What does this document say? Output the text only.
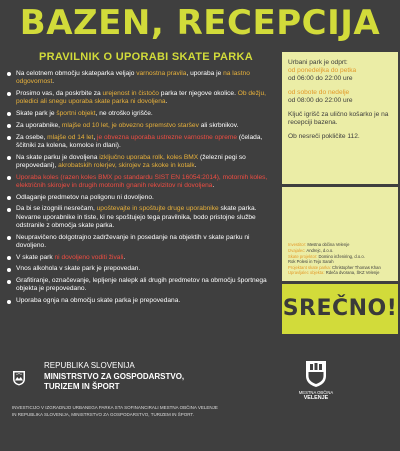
BAZEN, RECEPCIJA
PRAVILNIK O UPORABI SKATE PARKA
Na celotnem območju skateparka veljajo varnostna pravila, uporaba je na lastno odgovornost.
Prosimo vas, da poskrbite za urejenost in čistočo parka ter njegove okolice. Ob dežju, poledici ali snegu uporaba skate parka ni dovoljena.
Skate park je športni objekt, ne otroško igrišče.
Za uporabnike, mlajše od 10 let, je obvezno spremstvo staršev ali skrbnikov.
Za osebe, mlajše od 14 let, je obvezna uporaba ustrezne varnostne opreme (čelada, ščitniki za kolena, komolce in dlani).
Na skate parku je dovoljena izključno uporaba rolk, koles BMX (železni pegi so prepovedani), akrobatskih rolerjev, skirojev za skoke in kotalk.
Uporaba koles (razen koles BMX po standardu SIST EN 16054:2014), motornih koles, električnih skirojev in drugih motornih gnanih rekvizitov ni dovoljena.
Odlaganje predmetov na poligonu ni dovoljeno.
Da bi se izognili nesrečam, upoštevajte in spoštujte druge uporabnike skate parka. Nevarne uporabnike in tiste, ki ne spoštujejo tega pravilnika, bodo pristojne službe odstranile z območja skate parka.
Neupravičeno dolgotrajno zadrževanje in posedanje na objektih v skate parku ni dovoljeno.
V skate park ni dovoljeno voditi živali.
Vnos alkohola v skate park je prepovedan.
Grafitiranje, označevanje, lepljenje nalepk ali drugih predmetov na območju športnega objekta je prepovedano.
Uporaba ognja na območju skate parka je prepovedana.
Urbani park je odprt:
od ponedeljka do petka
od 06:00 do 22:00 ure
od sobote do nedelje
od 08:00 do 22:00 ure
Ključ igrišč za ulično košarko je na recepciji bazena.
Ob nesreči pokličite 112.
Investitor: Mestna občina Velenje
Izvajalec: Andrejc, d.o.o.
Skate projektor: Domino inženiring, d.o.o.
Rok Polesi in Tejo Sarah
Projektant skate parka: Christopher Thomas Khan
Upravljalec objekta: Rdeča dvorana, ŠKZ Velenje
SREČNO!
REPUBLIKA SLOVENIJA
MINISTRSTVO ZA GOSPODARSTVO,
TURIZEM IN ŠPORT
INVESTICIJO V IZGRADNJO URBANEGA PARKA STA SOFINANCIRALI MESTNA OBČINA VELENJE
IN REPUBLIKA SLOVENIJA, MINISTRSTVO ZA GOSPODARSTVO, TURIZEM IN ŠPORT.
MESTNA OBČINA
VELENJE
